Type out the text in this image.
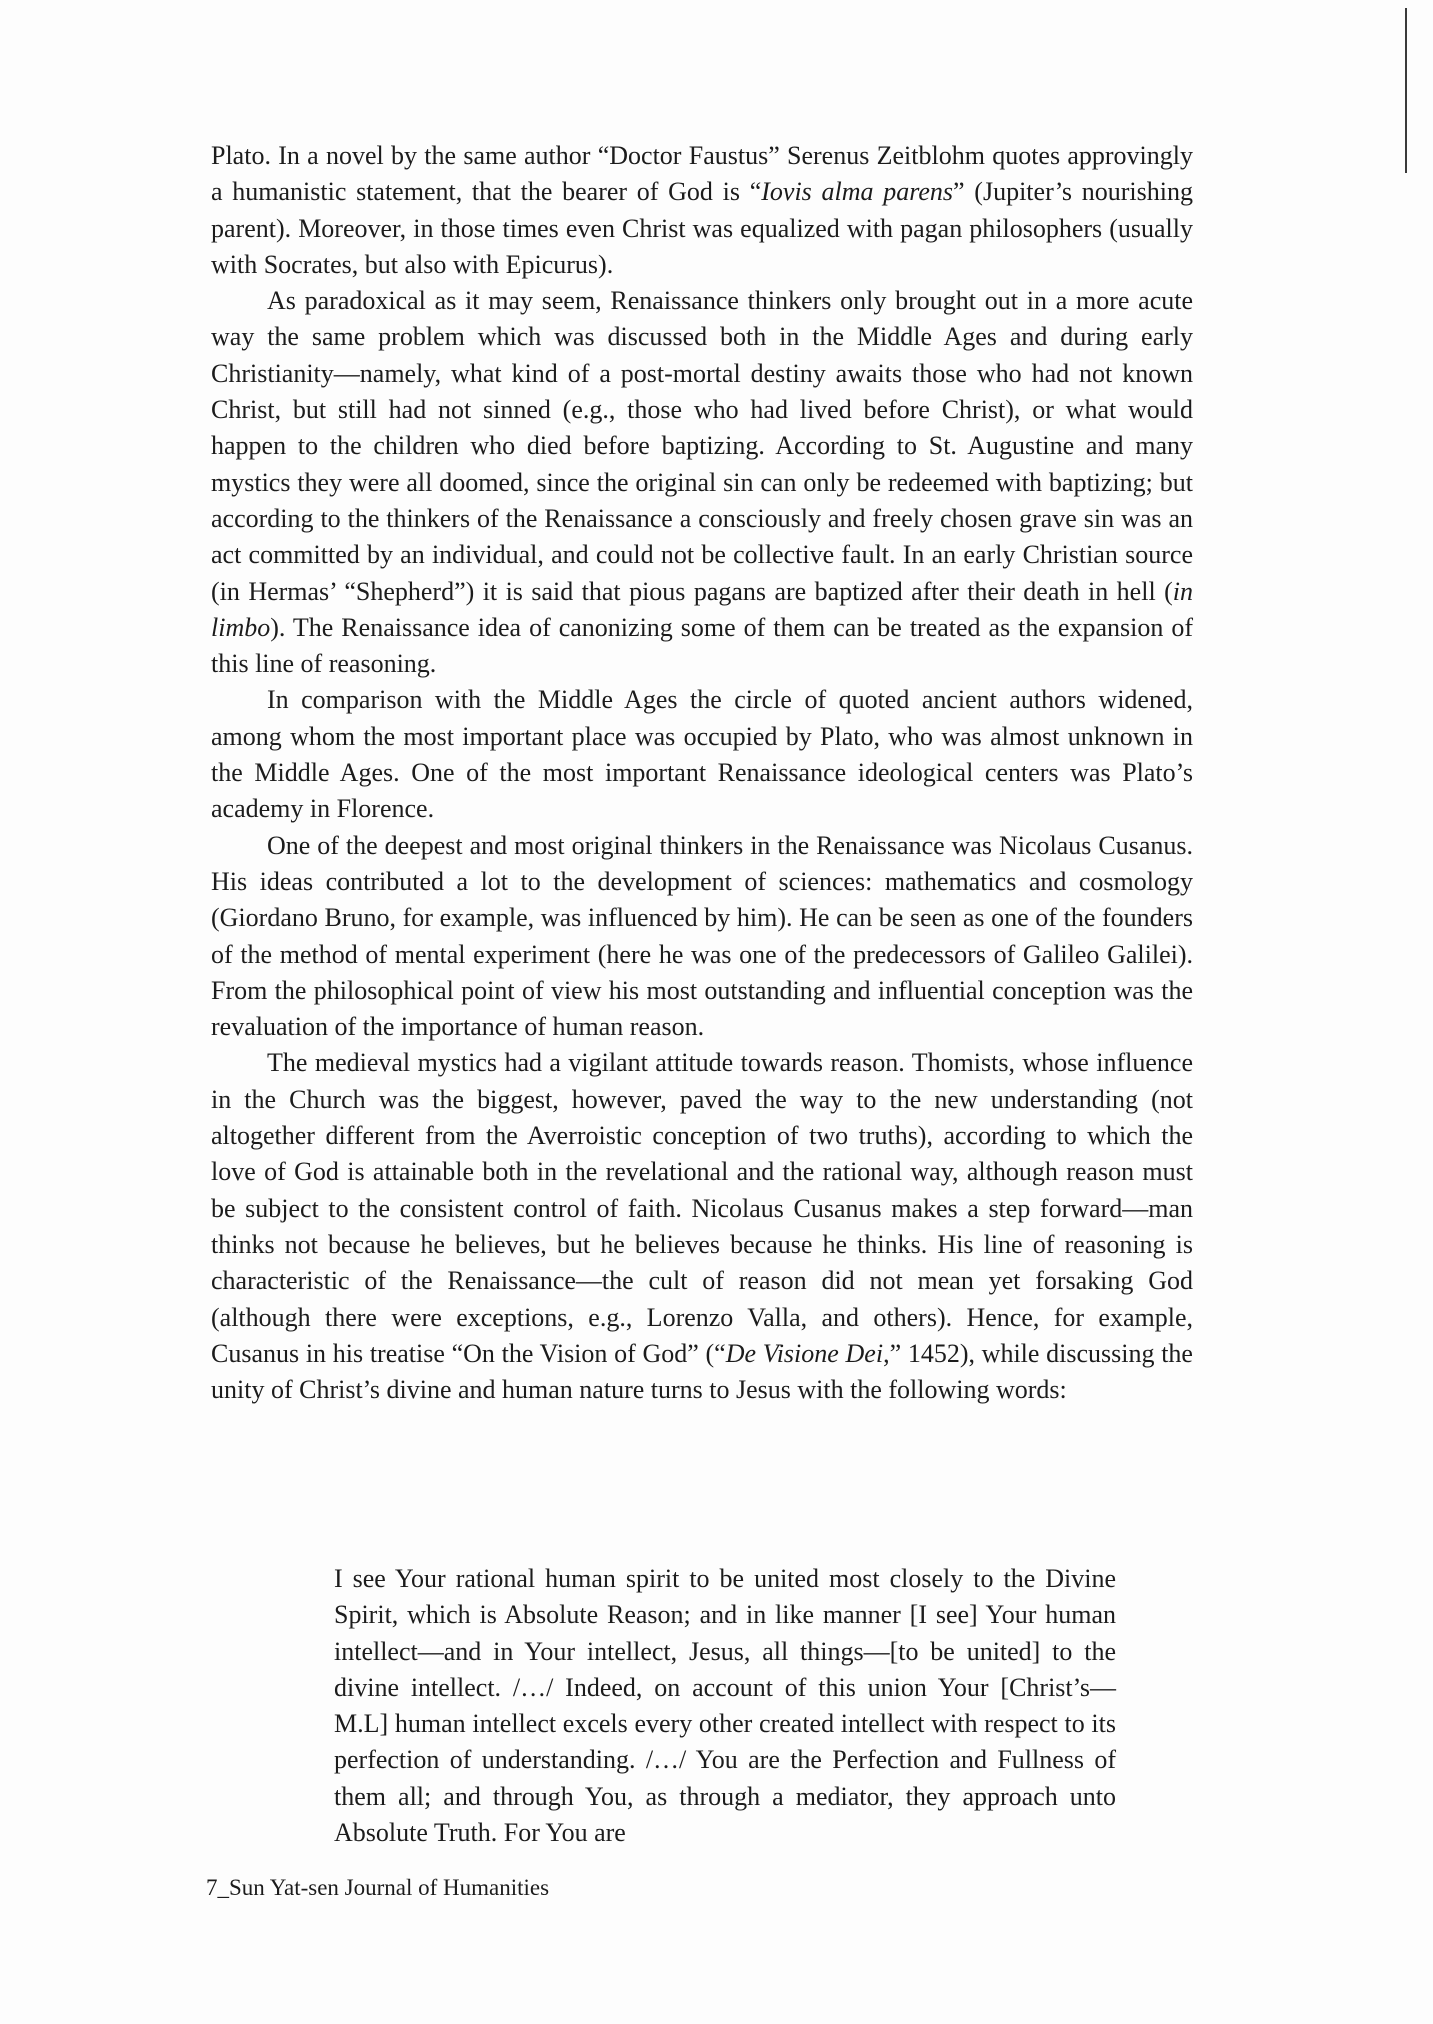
Plato. In a novel by the same author “Doctor Faustus” Serenus Zeitblohm quotes approvingly a humanistic statement, that the bearer of God is “Iovis alma parens” (Jupiter’s nourishing parent). Moreover, in those times even Christ was equalized with pagan philosophers (usually with Socrates, but also with Epicurus).

As paradoxical as it may seem, Renaissance thinkers only brought out in a more acute way the same problem which was discussed both in the Middle Ages and during early Christianity—namely, what kind of a post-mortal destiny awaits those who had not known Christ, but still had not sinned (e.g., those who had lived before Christ), or what would happen to the children who died before baptizing. According to St. Augustine and many mystics they were all doomed, since the original sin can only be redeemed with baptizing; but according to the thinkers of the Renaissance a consciously and freely chosen grave sin was an act committed by an individual, and could not be collective fault. In an early Christian source (in Hermas’ “Shepherd”) it is said that pious pagans are baptized after their death in hell (in limbo). The Renaissance idea of canonizing some of them can be treated as the expansion of this line of reasoning.

In comparison with the Middle Ages the circle of quoted ancient authors widened, among whom the most important place was occupied by Plato, who was almost unknown in the Middle Ages. One of the most important Renaissance ideological centers was Plato’s academy in Florence.

One of the deepest and most original thinkers in the Renaissance was Nicolaus Cusanus. His ideas contributed a lot to the development of sciences: mathematics and cosmology (Giordano Bruno, for example, was influenced by him). He can be seen as one of the founders of the method of mental experiment (here he was one of the predecessors of Galileo Galilei). From the philosophical point of view his most outstanding and influential conception was the revaluation of the importance of human reason.

The medieval mystics had a vigilant attitude towards reason. Thomists, whose influence in the Church was the biggest, however, paved the way to the new understanding (not altogether different from the Averroistic conception of two truths), according to which the love of God is attainable both in the revelational and the rational way, although reason must be subject to the consistent control of faith. Nicolaus Cusanus makes a step forward—man thinks not because he believes, but he believes because he thinks. His line of reasoning is characteristic of the Renaissance—the cult of reason did not mean yet forsaking God (although there were exceptions, e.g., Lorenzo Valla, and others). Hence, for example, Cusanus in his treatise “On the Vision of God” (“De Visione Dei,” 1452), while discussing the unity of Christ’s divine and human nature turns to Jesus with the following words:

I see Your rational human spirit to be united most closely to the Divine Spirit, which is Absolute Reason; and in like manner [I see] Your human intellect—and in Your intellect, Jesus, all things—[to be united] to the divine intellect. /…/ Indeed, on account of this union Your [Christ’s—M.L] human intellect excels every other created intellect with respect to its perfection of understanding. /…/ You are the Perfection and Fullness of them all; and through You, as through a mediator, they approach unto Absolute Truth. For You are

7_Sun Yat-sen Journal of Humanities
